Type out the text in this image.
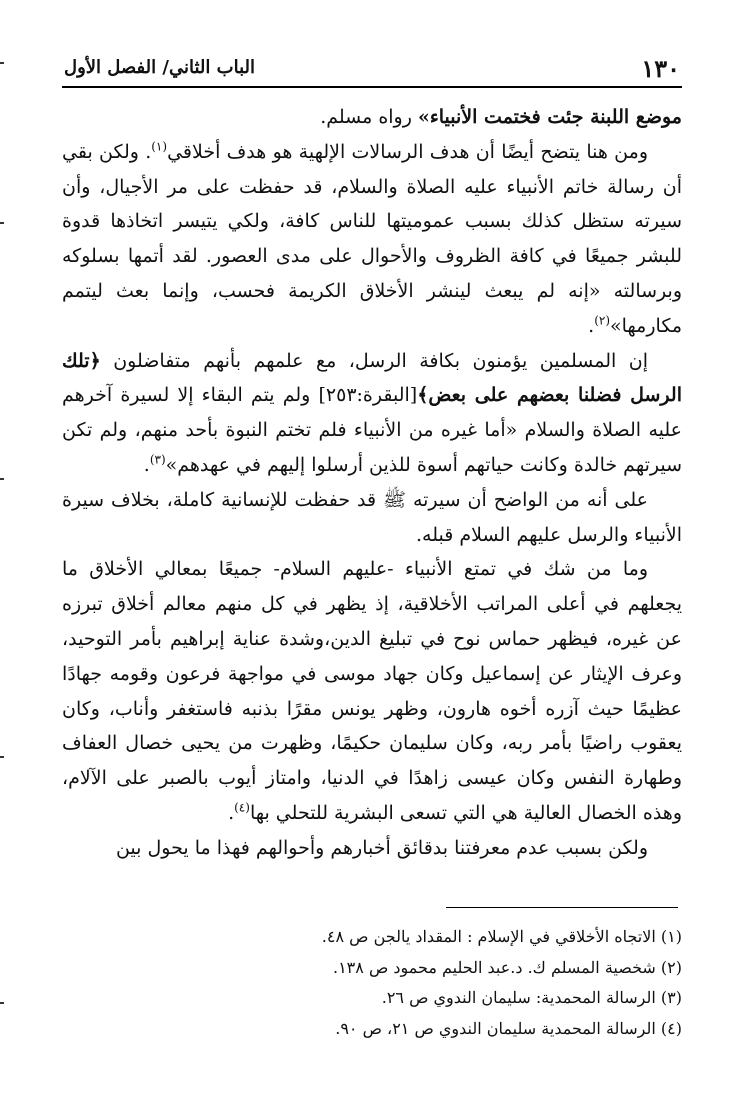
١٣٠
الباب الثاني/ الفصل الأول

موضع اللبنة جئت فختمت الأنبياء» رواه مسلم.

ومن هنا يتضح أيضًا أن هدف الرسالات الإلهية هو هدف أخلاقي$^{(١)}$. ولكن بقي أن رسالة خاتم الأنبياء عليه الصلاة والسلام، قد حفظت على مر الأجيال، وأن سيرته ستظل كذلك بسبب عموميتها للناس كافة، ولكي يتيسر اتخاذها قدوة للبشر جميعًا في كافة الظروف والأحوال على مدى العصور. لقد أتمها بسلوكه وبرسالته «إنه لم يبعث لينشر الأخلاق الكريمة فحسب، وإنما بعث ليتمم مكارمها»$^{(٢)}$.

إن المسلمين يؤمنون بكافة الرسل، مع علمهم بأنهم متفاضلون ﴿تلك الرسل فضلنا بعضهم على بعض﴾[البقرة:٢٥٣] ولم يتم البقاء إلا لسيرة آخرهم عليه الصلاة والسلام «أما غيره من الأنبياء فلم تختم النبوة بأحد منهم، ولم تكن سيرتهم خالدة وكانت حياتهم أسوة للذين أرسلوا إليهم في عهدهم»$^{(٣)}$.

على أنه من الواضح أن سيرته ﷺ قد حفظت للإنسانية كاملة، بخلاف سيرة الأنبياء والرسل عليهم السلام قبله.

وما من شك في تمتع الأنبياء -عليهم السلام- جميعًا بمعالي الأخلاق ما يجعلهم في أعلى المراتب الأخلاقية، إذ يظهر في كل منهم معالم أخلاق تبرزه عن غيره، فيظهر حماس نوح في تبليغ الدين،وشدة عناية إبراهيم بأمر التوحيد، وعرف الإيثار عن إسماعيل وكان جهاد موسى في مواجهة فرعون وقومه جهادًا عظيمًا حيث آزره أخوه هارون، وظهر يونس مقرًا بذنبه فاستغفر وأناب، وكان يعقوب راضيًا بأمر ربه، وكان سليمان حكيمًا، وظهرت من يحيى خصال العفاف وطهارة النفس وكان عيسى زاهدًا في الدنيا، وامتاز أيوب بالصبر على الآلام، وهذه الخصال العالية هي التي تسعى البشرية للتحلي بها$^{(٤)}$.

ولكن بسبب عدم معرفتنا بدقائق أخبارهم وأحوالهم فهذا ما يحول بين

(١) الاتجاه الأخلاقي في الإسلام : المقداد يالجن ص ٤٨.
(٢) شخصية المسلم ك. د.عبد الحليم محمود ص ١٣٨.
(٣) الرسالة المحمدية: سليمان الندوي ص ٢٦.
(٤) الرسالة المحمدية سليمان الندوي ص ٢١، ص ٩٠.
